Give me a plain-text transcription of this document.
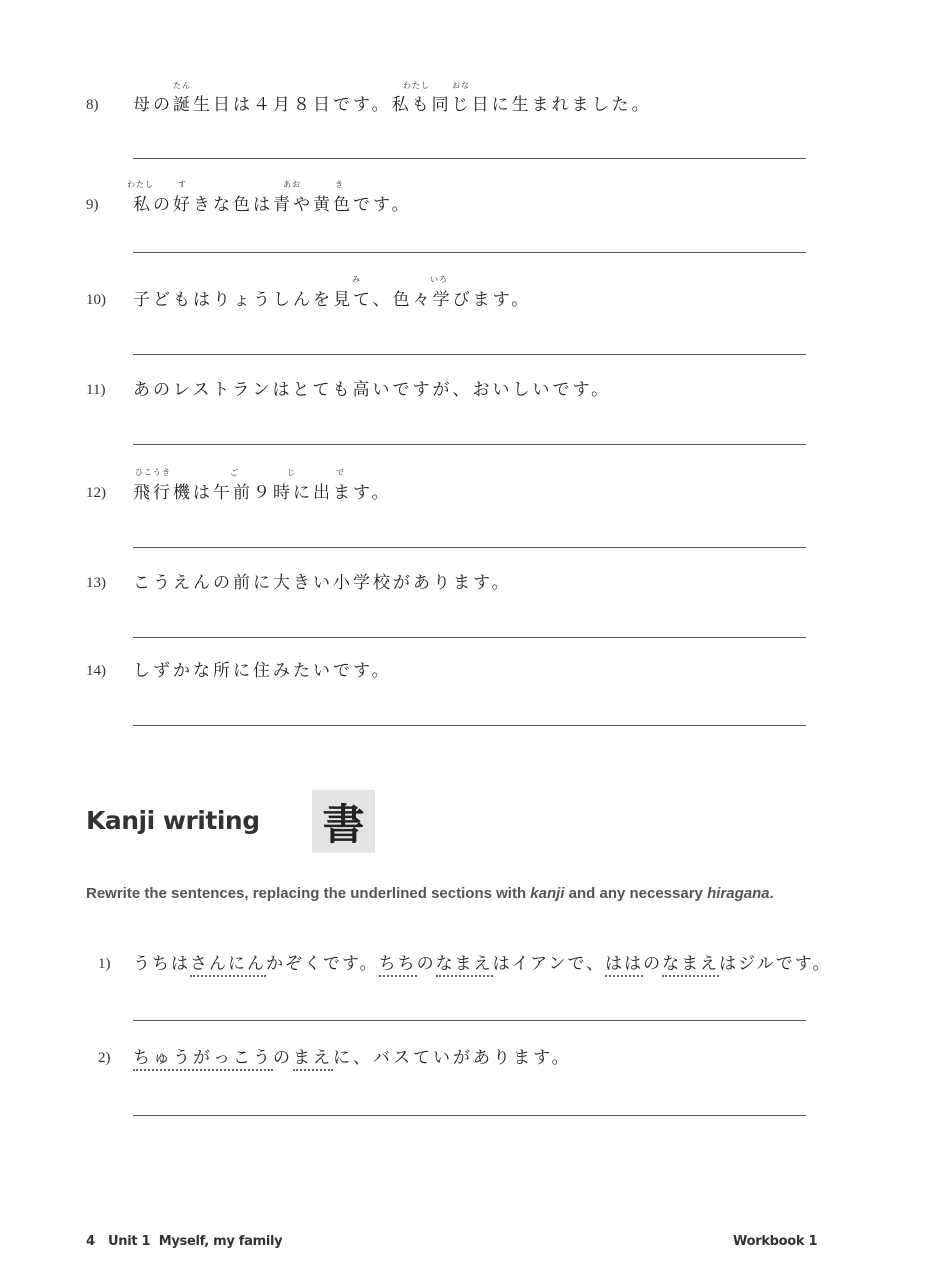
8)
たん	わたし	おな
母の誕生日は４月８日です。私も同じ日に生まれました。
9)
わたし	す	あお	き
私の好きな色は青や黄色です。
10)
み	いろ
子どもはりょうしんを見て、色々学びます。
11)	あのレストランはとても高いですが、おいしいです。
12)
ひこうき	ご	じ	で
飛行機は午前９時に出ます。
13)	こうえんの前に大きい小学校があります。
14)	しずかな所に住みたいです。
Kanji writing 書
Rewrite the sentences, replacing the underlined sections with kanji and any necessary hiragana.
1)	うちはさんにんかぞくです。ちちのなまえはイアンで、ははのなまえはジルです。
2)	ちゅうがっこうのまえに、バスていがあります。
4 Unit 1  Myself, my family	Workbook 1
